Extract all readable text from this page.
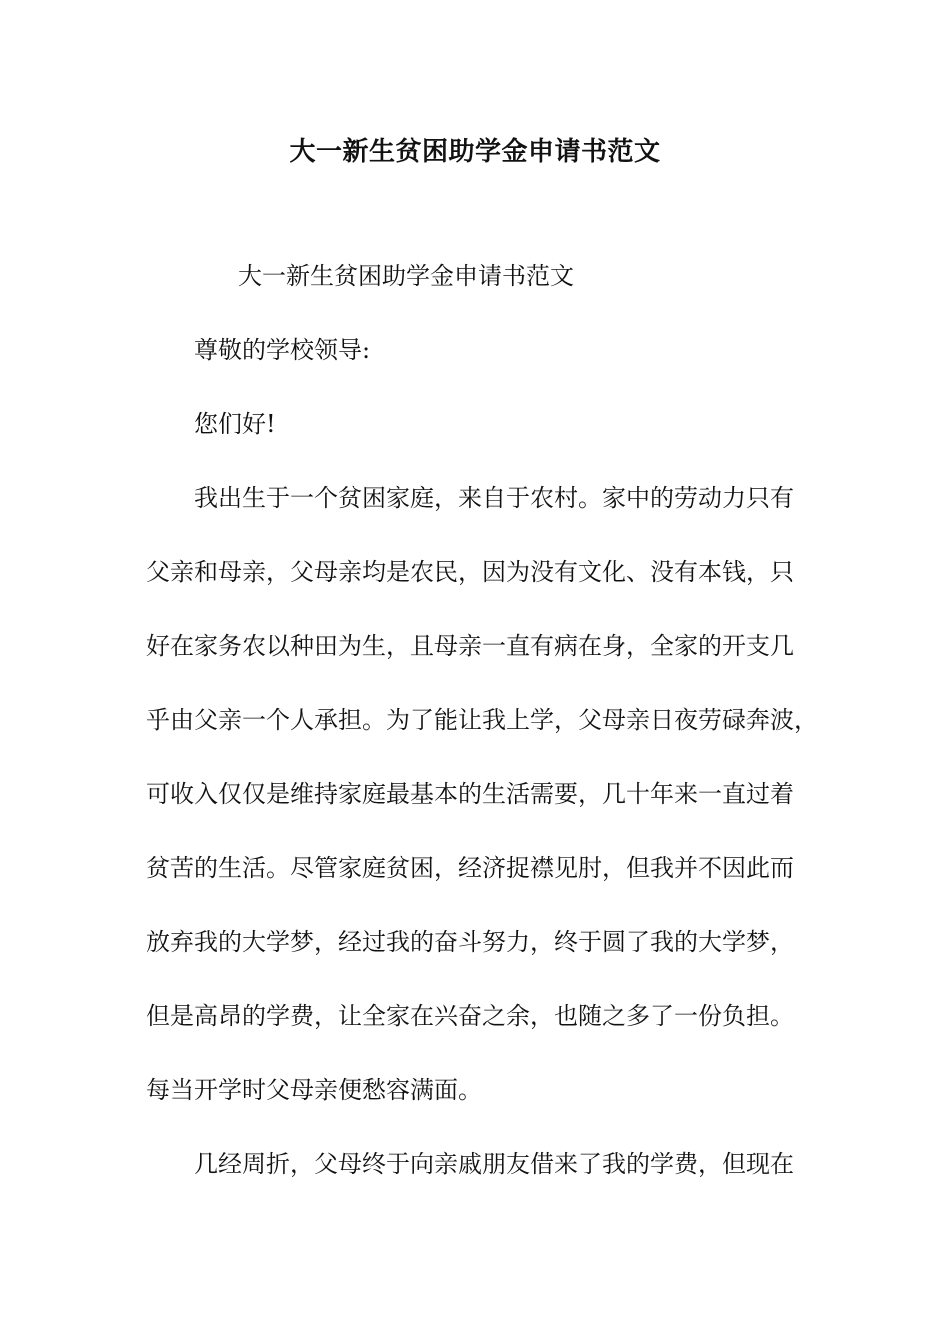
大一新生贫困助学金申请书范文
大一新生贫困助学金申请书范文
尊敬的学校领导:
您们好!
我出生于一个贫困家庭，来自于农村。家中的劳动力只有
父亲和母亲，父母亲均是农民，因为没有文化、没有本钱，只
好在家务农以种田为生，且母亲一直有病在身，全家的开支几
乎由父亲一个人承担。为了能让我上学，父母亲日夜劳碌奔波，
可收入仅仅是维持家庭最基本的生活需要，几十年来一直过着
贫苦的生活。尽管家庭贫困，经济捉襟见肘，但我并不因此而
放弃我的大学梦，经过我的奋斗努力，终于圆了我的大学梦，
但是高昂的学费，让全家在兴奋之余，也随之多了一份负担。
每当开学时父母亲便愁容满面。
几经周折，父母终于向亲戚朋友借来了我的学费，但现在
